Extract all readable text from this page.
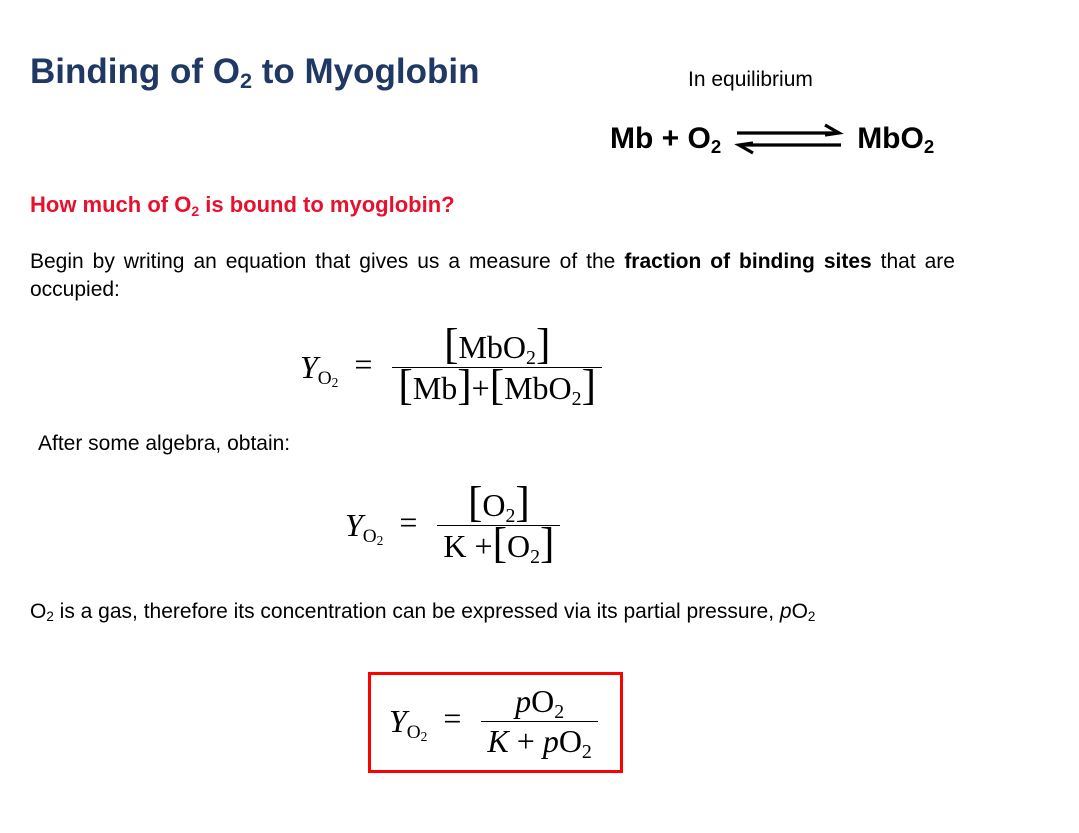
Binding of $O_2$ to Myoglobin	In equilibrium
$Mb + O_2$	MbO$_2$
How much of $O_2$ is bound to myoglobin?
Begin by writing an equation that gives us a measure of the fraction of binding sites that are occupied:
$YO2 = \frac{\text{[MbO2]}}{\text{[Mb]+[MbO2]}}$
After some algebra, obtain:
$YO2 = \frac{[O2]}{K +[O2]}$
O2 is a gas, therefore its concentration can be expressed via its partial pressure, pO2
$YO2 = \frac{pO2}{K + pO2}$
